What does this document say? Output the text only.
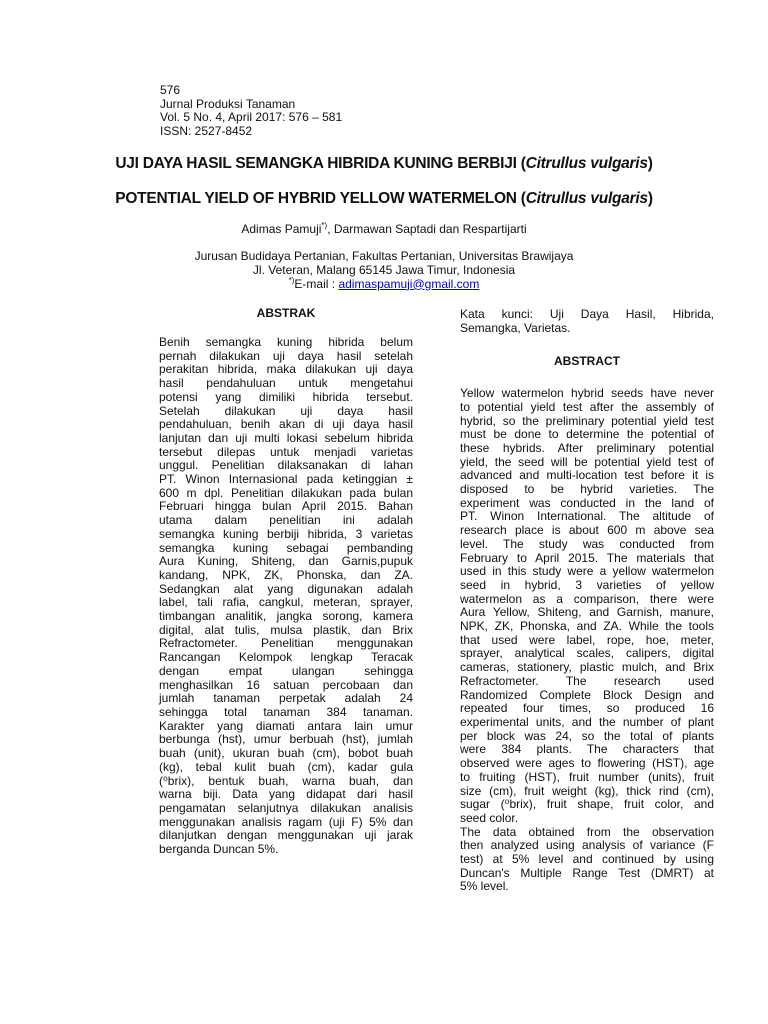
576
Jurnal Produksi Tanaman
Vol. 5 No. 4, April 2017: 576 – 581
ISSN: 2527-8452
UJI DAYA HASIL SEMANGKA HIBRIDA KUNING BERBIJI (Citrullus vulgaris)
POTENTIAL YIELD OF HYBRID YELLOW WATERMELON (Citrullus vulgaris)
Adimas Pamuji*), Darmawan Saptadi dan Respartijarti
Jurusan Budidaya Pertanian, Fakultas Pertanian, Universitas Brawijaya
Jl. Veteran, Malang 65145 Jawa Timur, Indonesia
*)E-mail : adimaspamuji@gmail.com
ABSTRAK
Benih semangka kuning hibrida belum
pernah dilakukan uji daya hasil setelah
perakitan hibrida, maka dilakukan uji daya
hasil pendahuluan untuk mengetahui
potensi yang dimiliki hibrida tersebut.
Setelah dilakukan uji daya hasil
pendahuluan, benih akan di uji daya hasil
lanjutan dan uji multi lokasi sebelum hibrida
tersebut dilepas untuk menjadi varietas
unggul. Penelitian dilaksanakan di lahan
PT. Winon Internasional pada ketinggian ±
600 m dpl. Penelitian dilakukan pada bulan
Februari hingga bulan April 2015. Bahan
utama dalam penelitian ini adalah
semangka kuning berbiji hibrida, 3 varietas
semangka kuning sebagai pembanding
Aura Kuning, Shiteng, dan Garnis,pupuk
kandang, NPK, ZK, Phonska, dan ZA.
Sedangkan alat yang digunakan adalah
label, tali rafia, cangkul, meteran, sprayer,
timbangan analitik, jangka sorong, kamera
digital, alat tulis, mulsa plastik, dan Brix
Refractometer. Penelitian menggunakan
Rancangan Kelompok lengkap Teracak
dengan empat ulangan sehingga
menghasilkan 16 satuan percobaan dan
jumlah tanaman perpetak adalah 24
sehingga total tanaman 384 tanaman.
Karakter yang diamati antara lain umur
berbunga (hst), umur berbuah (hst), jumlah
buah (unit), ukuran buah (cm), bobot buah
(kg), tebal kulit buah (cm), kadar gula
(⁰brix), bentuk buah, warna buah, dan
warna biji. Data yang didapat dari hasil
pengamatan selanjutnya dilakukan analisis
menggunakan analisis ragam (uji F) 5% dan
dilanjutkan dengan menggunakan uji jarak
berganda Duncan 5%.
Kata kunci: Uji Daya Hasil, Hibrida,
Semangka, Varietas.
ABSTRACT
Yellow watermelon hybrid seeds have never
to potential yield test after the assembly of
hybrid, so the preliminary potential yield test
must be done to determine the potential of
these hybrids. After preliminary potential
yield, the seed will be potential yield test of
advanced and multi-location test before it is
disposed to be hybrid varieties. The
experiment was conducted in the land of
PT. Winon International. The altitude of
research place is about 600 m above sea
level. The study was conducted from
February to April 2015. The materials that
used in this study were a yellow watermelon
seed in hybrid, 3 varieties of yellow
watermelon as a comparison, there were
Aura Yellow, Shiteng, and Garnish, manure,
NPK, ZK, Phonska, and ZA. While the tools
that used were label, rope, hoe, meter,
sprayer, analytical scales, calipers, digital
cameras, stationery, plastic mulch, and Brix
Refractometer. The research used
Randomized Complete Block Design and
repeated four times, so produced 16
experimental units, and the number of plant
per block was 24, so the total of plants
were 384 plants. The characters that
observed were ages to flowering (HST), age
to fruiting (HST), fruit number (units), fruit
size (cm), fruit weight (kg), thick rind (cm),
sugar (⁰brix), fruit shape, fruit color, and
seed color.
The data obtained from the observation
then analyzed using analysis of variance (F
test) at 5% level and continued by using
Duncan's Multiple Range Test (DMRT) at
5% level.
